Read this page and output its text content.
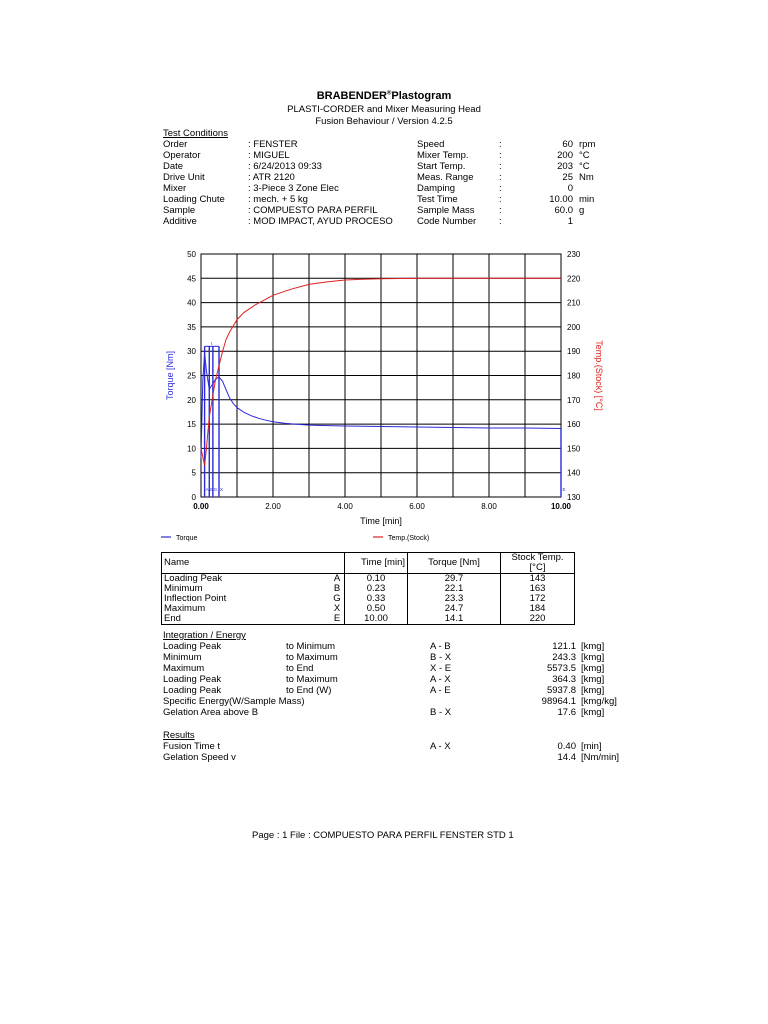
BRABENDER®Plastogram
PLASTI-CORDER and Mixer Measuring Head
Fusion Behaviour / Version 4.2.5
Test Conditions
Order	: FENSTER	Speed	:	60 rpm
Operator	: MIGUEL	Mixer Temp.	:	200 °C
Date	: 6/24/2013 09:33	Start Temp.	:	203 °C
Drive Unit	: ATR 2120	Meas. Range	:	25 Nm
Mixer	: 3-Piece 3 Zone Elec	Damping	:	0
Loading Chute : mech. + 5 kg	Test Time	:	10.00 min
Sample	: COMPUESTO PARA PERFIL	Sample Mass	:	60.0 g
Additive	: MOD IMPACT, AYUD PROCESO	Code Number :	1
0
5
10
15
20
25
30
35
40
45
50
130
140
150
160
170
180
190
200
210
220
230
0.00	2.00	4.00	6.00	8.00	10.00
Time [min]
Torque [Nm]	Temp.(Stock) [°C]
A B G X	E
t
Torque	Temp.(Stock)
Name		Time [min]	Torque [Nm]	Stock Temp. [°C]
Loading Peak	A	0.10	29.7	143
Minimum	B	0.23	22.1	163
Inflection Point	G	0.33	23.3	172
Maximum	X	0.50	24.7	184
End	E	10.00	14.1	220
Integration / Energy
Loading Peak	to Minimum	A - B	121.1 [kmg]
Minimum	to Maximum	B - X	243.3 [kmg]
Maximum	to End	X - E	5573.5 [kmg]
Loading Peak	to Maximum	A - X	364.3 [kmg]
Loading Peak	to End (W)	A - E	5937.8 [kmg]
Specific Energy(W/Sample Mass)	98964.1 [kmg/kg]
Gelation Area above B	B - X	17.6 [kmg]
Results
Fusion Time t	A - X	0.40 [min]
Gelation Speed v	14.4 [Nm/min]
Page : 1 File : COMPUESTO PARA PERFIL FENSTER STD 1
